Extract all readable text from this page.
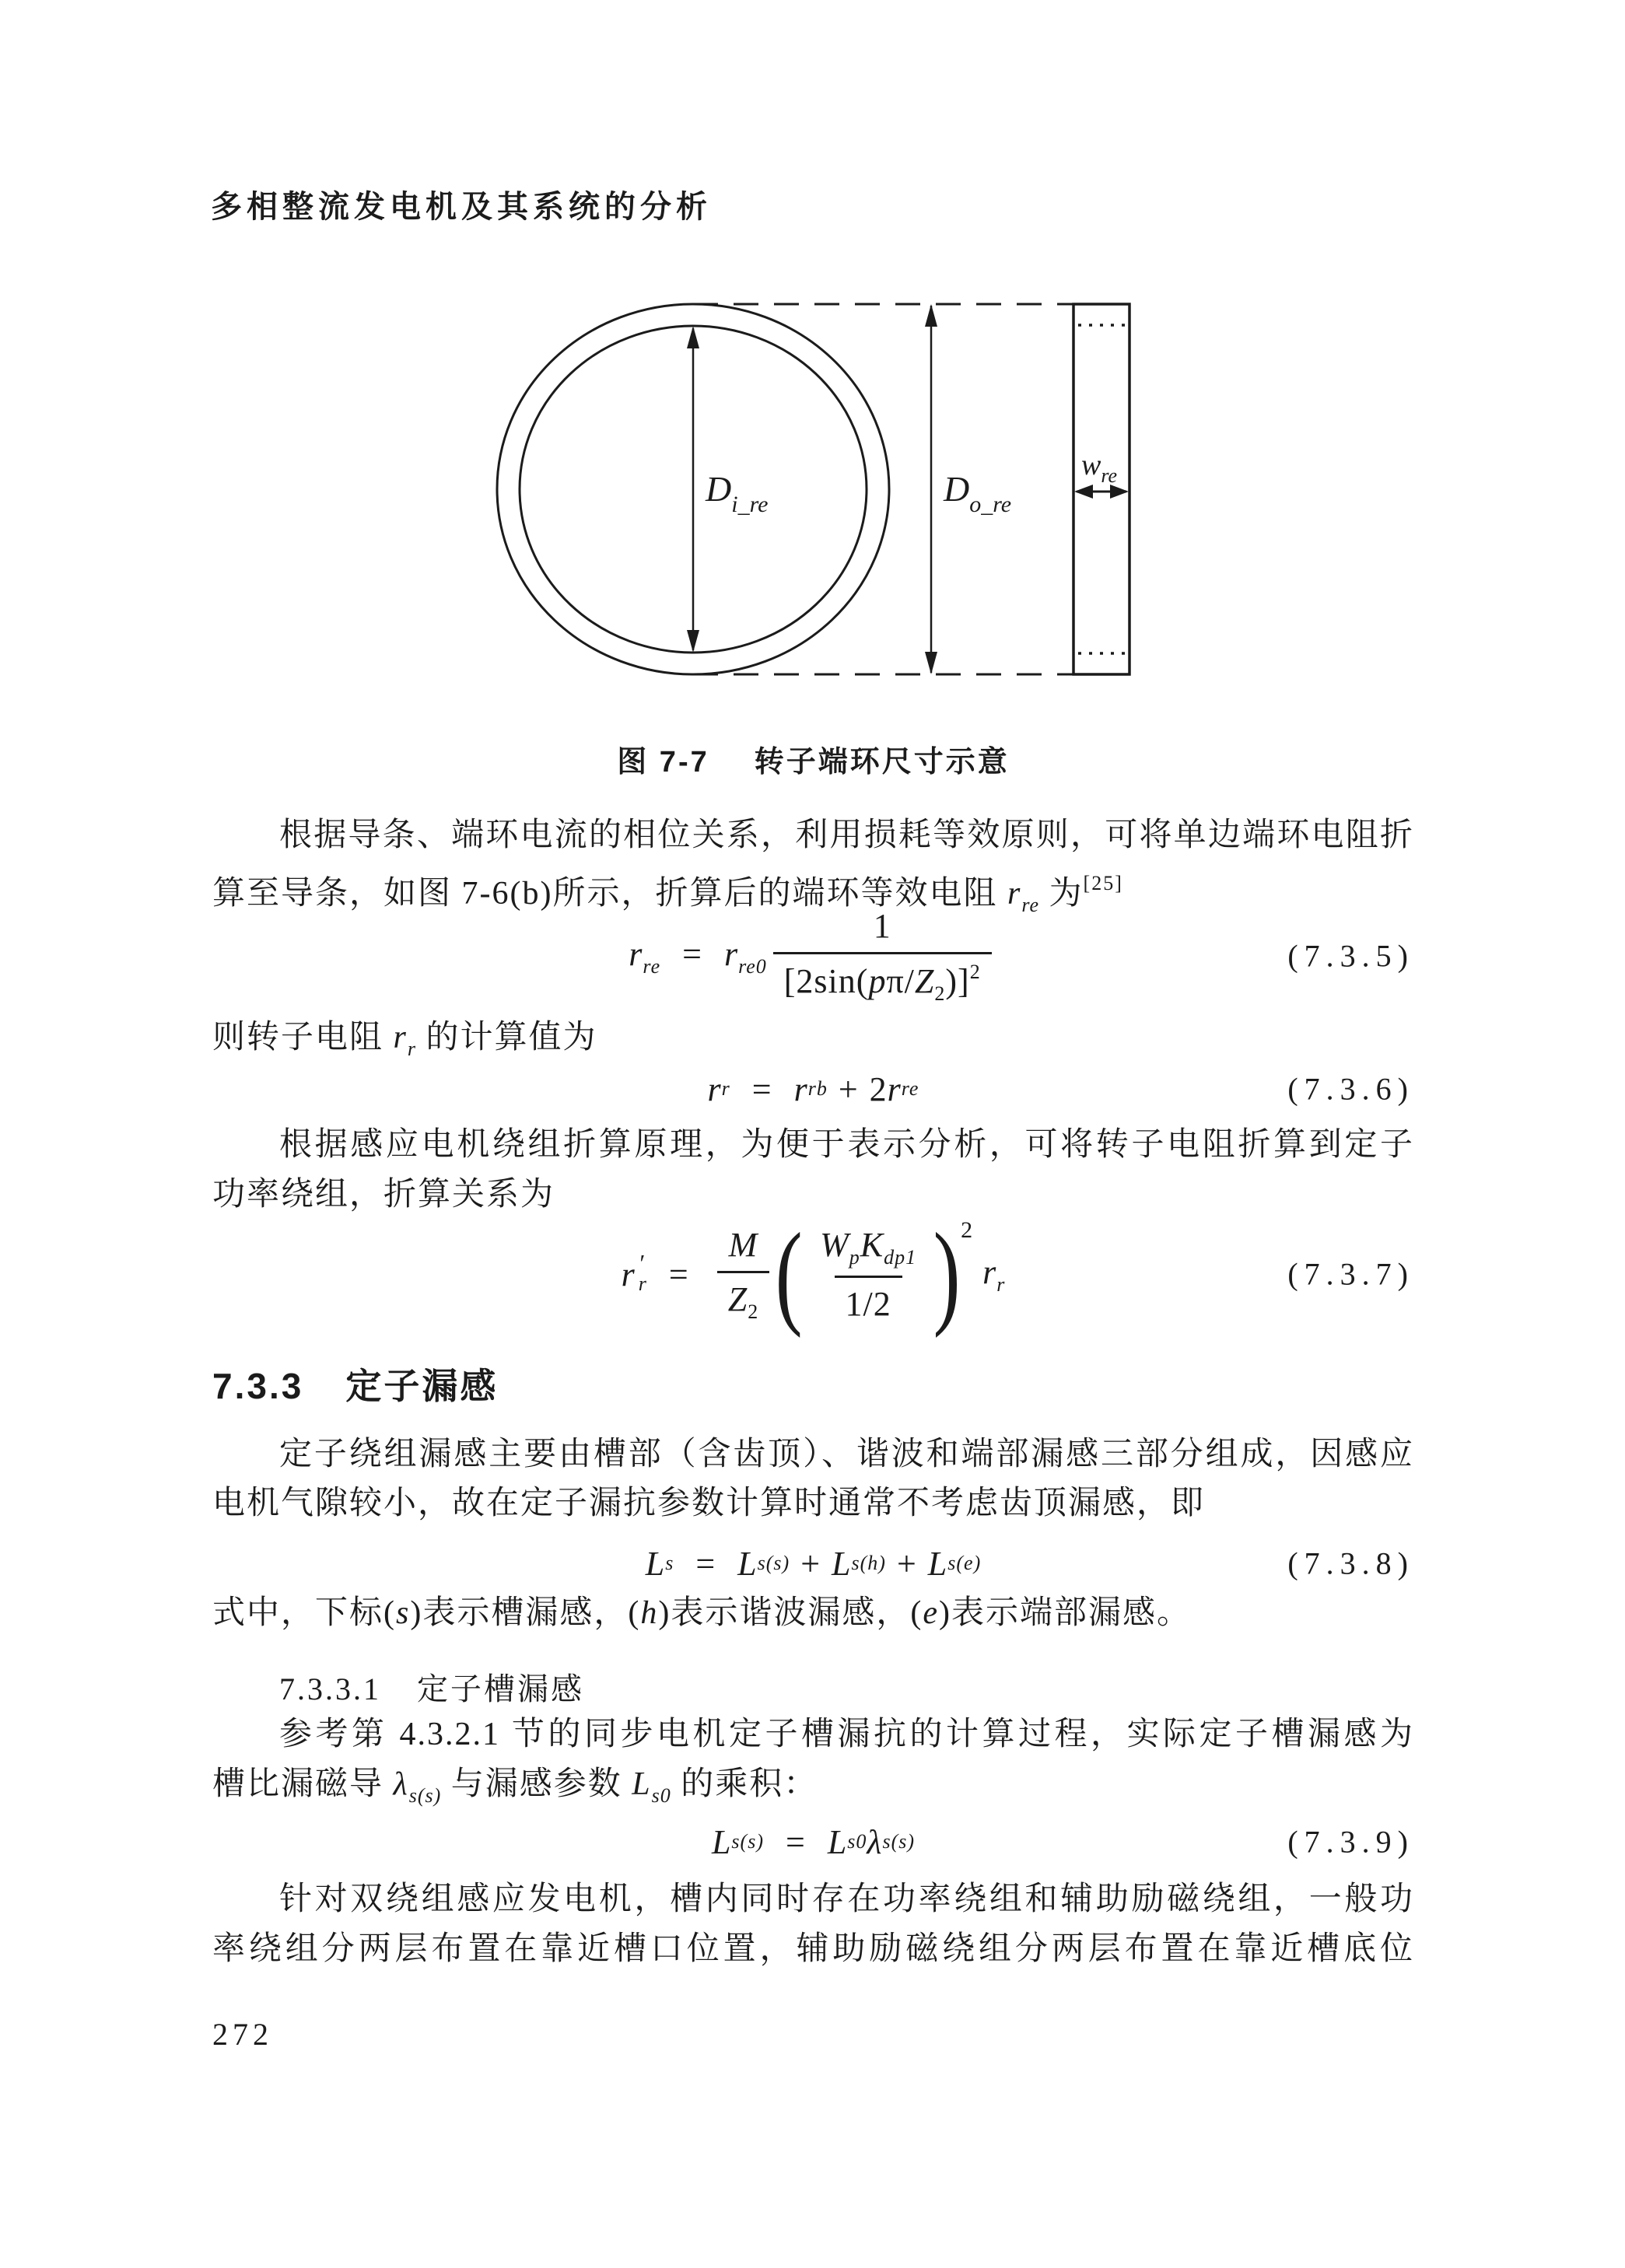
多相整流发电机及其系统的分析
$D_{i\_re}$	$D_{o\_re}$
$w_{re}$
图 7-7 转子端环尺寸示意
根据导条、端环电流的相位关系，利用损耗等效原则，可将单边端环电阻折
算至导条，如图 7-6(b)所示，折算后的端环等效电阻 $r_{re}$ 为[25]
$r_{re} = r_{re0} \frac{1}{[2\sin(p\pi/Z_2)]^2}$	(7.3.5)
则转子电阻 $r_r$ 的计算值为
r r = r rb + 2 r re	(7.3.6)
根据感应电机绕组折算原理，为便于表示分析，可将转子电阻折算到定子
功率绕组，折算关系为
r ′
$r = \frac{M}{Z_2}$ ( $\frac{W_pK_{dp1}}{1/2}$ ) 2
$r_r$	(7.3.7)
7.3.3 定子漏感
定子绕组漏感主要由槽部（含齿顶）、谐波和端部漏感三部分组成，因感应
电机气隙较小，故在定子漏抗参数计算时通常不考虑齿顶漏感，即
L s = L s(s) + L s(h) + L s(e)	(7.3.8)
式中，下标(s)表示槽漏感，(h)表示谐波漏感，(e)表示端部漏感。
7.3.3.1 定子槽漏感
参考第 4.3.2.1 节的同步电机定子槽漏抗的计算过程，实际定子槽漏感为
槽比漏磁导 $\lambda_{s(s)}$ 与漏感参数 $L_{s0}$ 的乘积：
L s(s) = L s0 λ s(s)	(7.3.9)
针对双绕组感应发电机，槽内同时存在功率绕组和辅助励磁绕组，一般功
率绕组分两层布置在靠近槽口位置，辅助励磁绕组分两层布置在靠近槽底位
272
